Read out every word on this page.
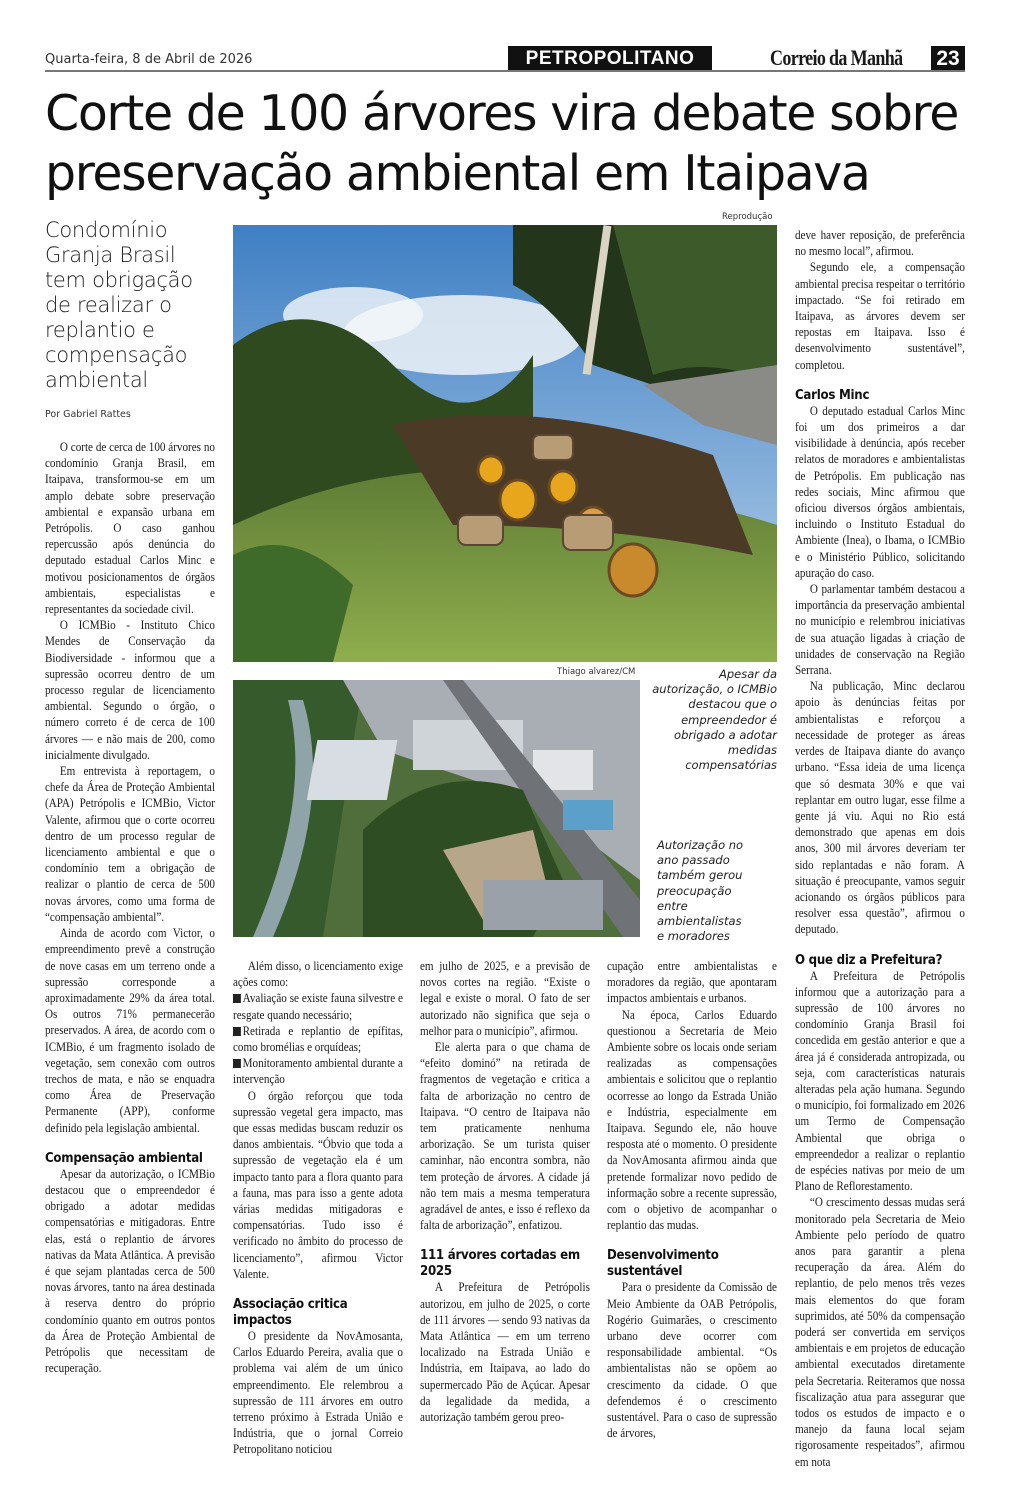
Quarta-feira, 8 de Abril de 2026	PETROPOLITANO	Correio da Manhã 23
Corte de 100 árvores vira debate sobre preservação ambiental em Itaipava

Condomínio Granja Brasil tem obrigação de realizar o replantio e compensação ambiental

Por Gabriel Rattes
Reprodução
Thiago alvarez/CM	Apesar da autorização, o ICMBio destacou que o empreendedor é obrigado a adotar medidas compensatórias
Autorização no ano passado também gerou preocupação entre ambientalistas e moradores

O corte de cerca de 100 árvores no condomínio Granja Brasil, em Itaipava, transformou-se em um amplo debate sobre preservação ambiental e expansão urbana em Petrópolis. O caso ganhou repercussão após denúncia do deputado estadual Carlos Minc e motivou posicionamentos de órgãos ambientais, especialistas e representantes da sociedade civil.

O ICMBio - Instituto Chico Mendes de Conservação da Biodiversidade - informou que a supressão ocorreu dentro de um processo regular de licenciamento ambiental. Segundo o órgão, o número correto é de cerca de 100 árvores — e não mais de 200, como inicialmente divulgado.

Em entrevista à reportagem, o chefe da Área de Proteção Ambiental (APA) Petrópolis e ICMBio, Victor Valente, afirmou que o corte ocorreu dentro de um processo regular de licenciamento ambiental e que o condomínio tem a obrigação de realizar o plantio de cerca de 500 novas árvores, como uma forma de “compensação ambiental”.

Ainda de acordo com Victor, o empreendimento prevê a construção de nove casas em um terreno onde a supressão corresponde a aproximadamente 29% da área total. Os outros 71% permanecerão preservados. A área, de acordo com o ICMBio, é um fragmento isolado de vegetação, sem conexão com outros trechos de mata, e não se enquadra como Área de Preservação Permanente (APP), conforme definido pela legislação ambiental.

Compensação ambiental

Apesar da autorização, o ICMBio destacou que o empreendedor é obrigado a adotar medidas compensatórias e mitigadoras. Entre elas, está o replantio de árvores nativas da Mata Atlântica. A previsão é que sejam plantadas cerca de 500 novas árvores, tanto na área destinada à reserva dentro do próprio condomínio quanto em outros pontos da Área de Proteção Ambiental de Petrópolis que necessitam de recuperação.

Além disso, o licenciamento exige ações como:

Avaliação se existe fauna silvestre e resgate quando necessário;

Retirada e replantio de epífitas, como bromélias e orquídeas;

Monitoramento ambiental durante a intervenção

O órgão reforçou que toda supressão vegetal gera impacto, mas que essas medidas buscam reduzir os danos ambientais. “Óbvio que toda a supressão de vegetação ela é um impacto tanto para a flora quanto para a fauna, mas para isso a gente adota várias medidas mitigadoras e compensatórias. Tudo isso é verificado no âmbito do processo de licenciamento”, afirmou Victor Valente.

Associação critica impactos

O presidente da NovAmosanta, Carlos Eduardo Pereira, avalia que o problema vai além de um único empreendimento. Ele relembrou a supressão de 111 árvores em outro terreno próximo à Estrada União e Indústria, que o jornal Correio Petropolitano noticiou

em julho de 2025, e a previsão de novos cortes na região. “Existe o legal e existe o moral. O fato de ser autorizado não significa que seja o melhor para o município”, afirmou.

Ele alerta para o que chama de “efeito dominó” na retirada de fragmentos de vegetação e critica a falta de arborização no centro de Itaipava. “O centro de Itaipava não tem praticamente nenhuma arborização. Se um turista quiser caminhar, não encontra sombra, não tem proteção de árvores. A cidade já não tem mais a mesma temperatura agradável de antes, e isso é reflexo da falta de arborização”, enfatizou.

111 árvores cortadas em 2025

A Prefeitura de Petrópolis autorizou, em julho de 2025, o corte de 111 árvores — sendo 93 nativas da Mata Atlântica — em um terreno localizado na Estrada União e Indústria, em Itaipava, ao lado do supermercado Pão de Açúcar. Apesar da legalidade da medida, a autorização também gerou preo-

cupação entre ambientalistas e moradores da região, que apontaram impactos ambientais e urbanos.

Na época, Carlos Eduardo questionou a Secretaria de Meio Ambiente sobre os locais onde seriam realizadas as compensações ambientais e solicitou que o replantio ocorresse ao longo da Estrada União e Indústria, especialmente em Itaipava. Segundo ele, não houve resposta até o momento. O presidente da NovAmosanta afirmou ainda que pretende formalizar novo pedido de informação sobre a recente supressão, com o objetivo de acompanhar o replantio das mudas.

Desenvolvimento sustentável

Para o presidente da Comissão de Meio Ambiente da OAB Petrópolis, Rogério Guimarães, o crescimento urbano deve ocorrer com responsabilidade ambiental. “Os ambientalistas não se opõem ao crescimento da cidade. O que defendemos é o crescimento sustentável. Para o caso de supressão de árvores,

deve haver reposição, de preferência no mesmo local”, afirmou.

Segundo ele, a compensação ambiental precisa respeitar o território impactado. “Se foi retirado em Itaipava, as árvores devem ser repostas em Itaipava. Isso é desenvolvimento sustentável”, completou.

Carlos Minc

O deputado estadual Carlos Minc foi um dos primeiros a dar visibilidade à denúncia, após receber relatos de moradores e ambientalistas de Petrópolis. Em publicação nas redes sociais, Minc afirmou que oficiou diversos órgãos ambientais, incluindo o Instituto Estadual do Ambiente (Inea), o Ibama, o ICMBio e o Ministério Público, solicitando apuração do caso.

O parlamentar também destacou a importância da preservação ambiental no município e relembrou iniciativas de sua atuação ligadas à criação de unidades de conservação na Região Serrana.

Na publicação, Minc declarou apoio às denúncias feitas por ambientalistas e reforçou a necessidade de proteger as áreas verdes de Itaipava diante do avanço urbano. “Essa ideia de uma licença que só desmata 30% e que vai replantar em outro lugar, esse filme a gente já viu. Aqui no Rio está demonstrado que apenas em dois anos, 300 mil árvores deveriam ter sido replantadas e não foram. A situação é preocupante, vamos seguir acionando os órgãos públicos para resolver essa questão”, afirmou o deputado.

O que diz a Prefeitura?

A Prefeitura de Petrópolis informou que a autorização para a supressão de 100 árvores no condomínio Granja Brasil foi concedida em gestão anterior e que a área já é considerada antropizada, ou seja, com características naturais alteradas pela ação humana. Segundo o município, foi formalizado em 2026 um Termo de Compensação Ambiental que obriga o empreendedor a realizar o replantio de espécies nativas por meio de um Plano de Reflorestamento.

“O crescimento dessas mudas será monitorado pela Secretaria de Meio Ambiente pelo período de quatro anos para garantir a plena recuperação da área. Além do replantio, de pelo menos três vezes mais elementos do que foram suprimidos, até 50% da compensação poderá ser convertida em serviços ambientais e em projetos de educação ambiental executados diretamente pela Secretaria. Reiteramos que nossa fiscalização atua para assegurar que todos os estudos de impacto e o manejo da fauna local sejam rigorosamente respeitados”, afirmou em nota
